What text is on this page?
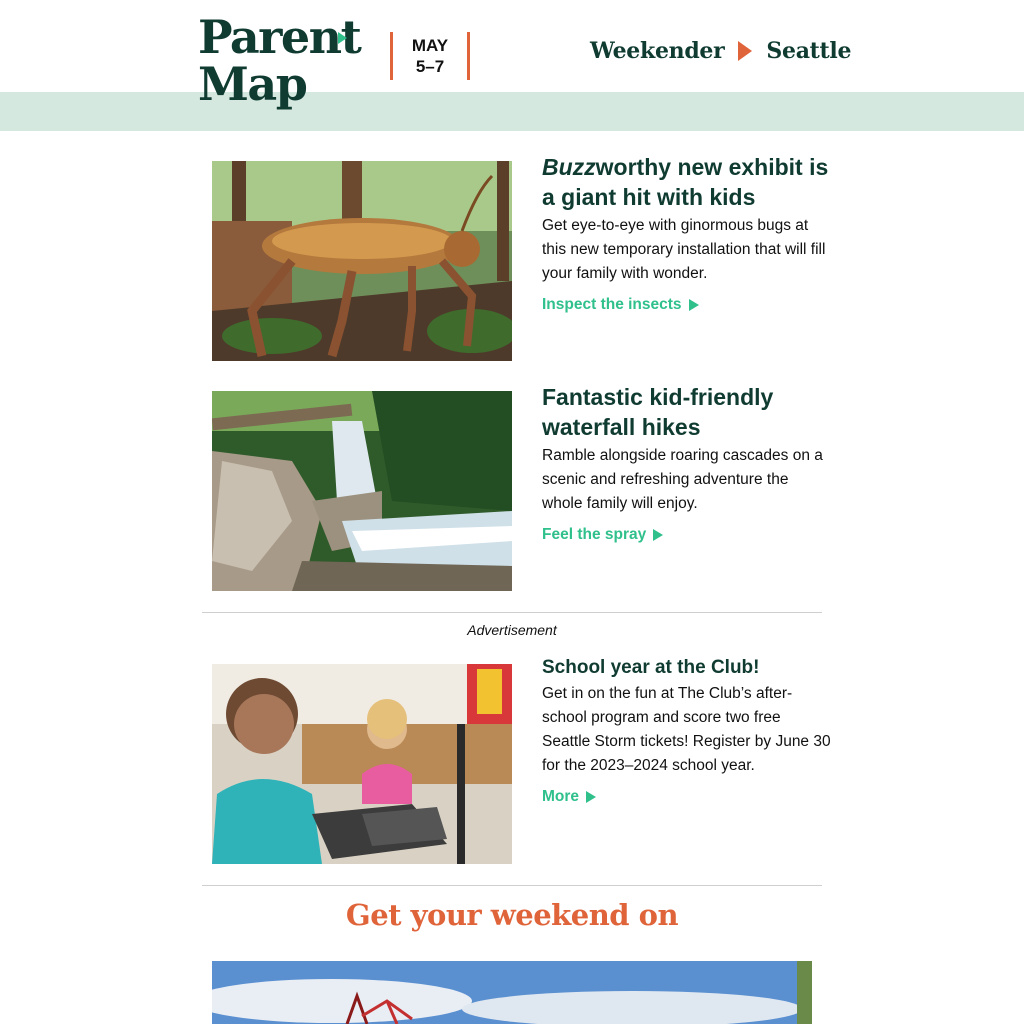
Parent
Map
MAY
5–7
Weekender Seattle
Buzzworthy new exhibit is a giant hit with kids
Get eye-to-eye with ginormous bugs at this new temporary installation that will fill your family with wonder.
Inspect the insects
Fantastic kid-friendly waterfall hikes
Ramble alongside roaring cascades on a scenic and refreshing adventure the whole family will enjoy.
Feel the spray
Advertisement
School year at the Club!
Get in on the fun at The Club’s after-school program and score two free Seattle Storm tickets! Register by June 30 for the 2023–2024 school year.
More
Get your weekend on
